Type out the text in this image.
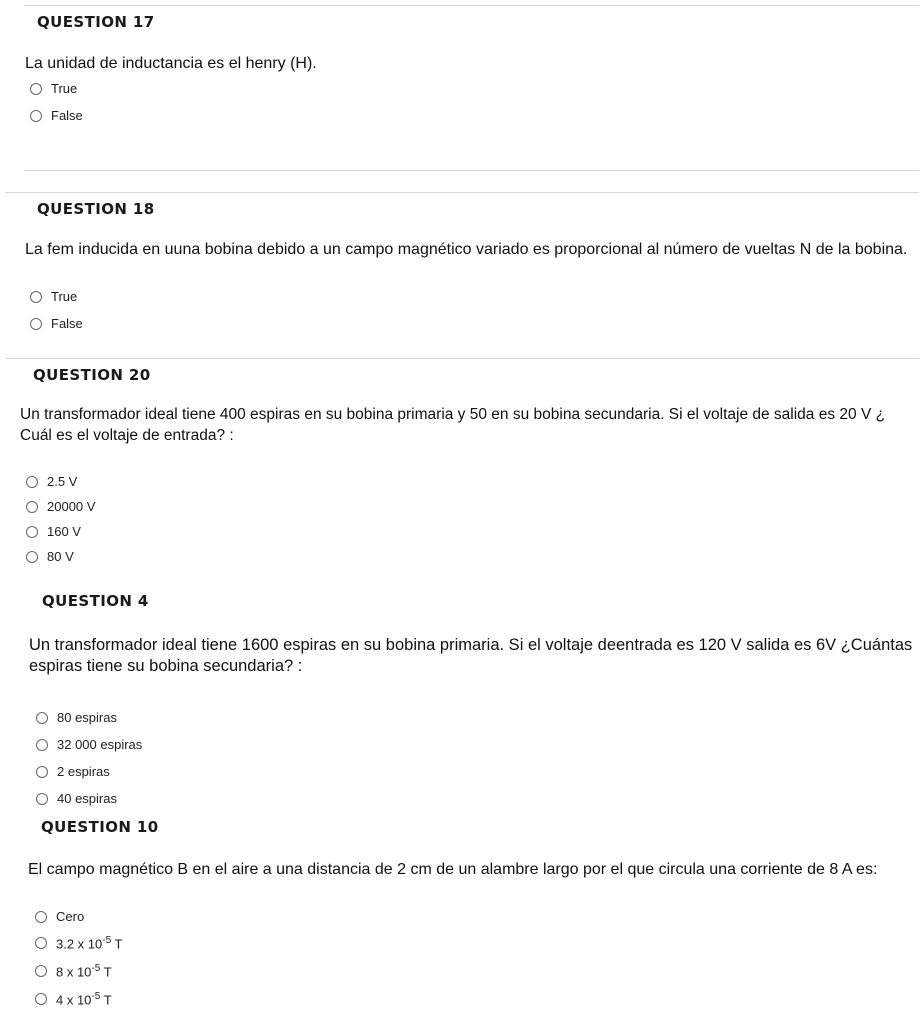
QUESTION 17

La unidad de inductancia es el henry (H).

True
False
QUESTION 18

La fem inducida en uuna bobina debido a un campo magnético variado es proporcional al número de vueltas N de la bobina.

True
False
QUESTION 20

Un transformador ideal tiene 400 espiras en su bobina primaria y 50 en su bobina secundaria. Si el voltaje de salida es 20 V ¿ Cuál es el voltaje de entrada? :

2.5 V
20000 V
160 V
80 V
QUESTION 4

Un transformador ideal tiene 1600 espiras en su bobina primaria. Si el voltaje deentrada es 120 V salida es 6V ¿Cuántas espiras tiene su bobina secundaria? :

80 espiras
32 000 espiras
2 espiras
40 espiras
QUESTION 10

El campo magnético B en el aire a una distancia de 2 cm de un alambre largo por el que circula una corriente de 8 A es:

Cero
3.2 x $10^{-5}$ T
8 x $10^{-5}$ T
4 x $10^{-5}$ T
